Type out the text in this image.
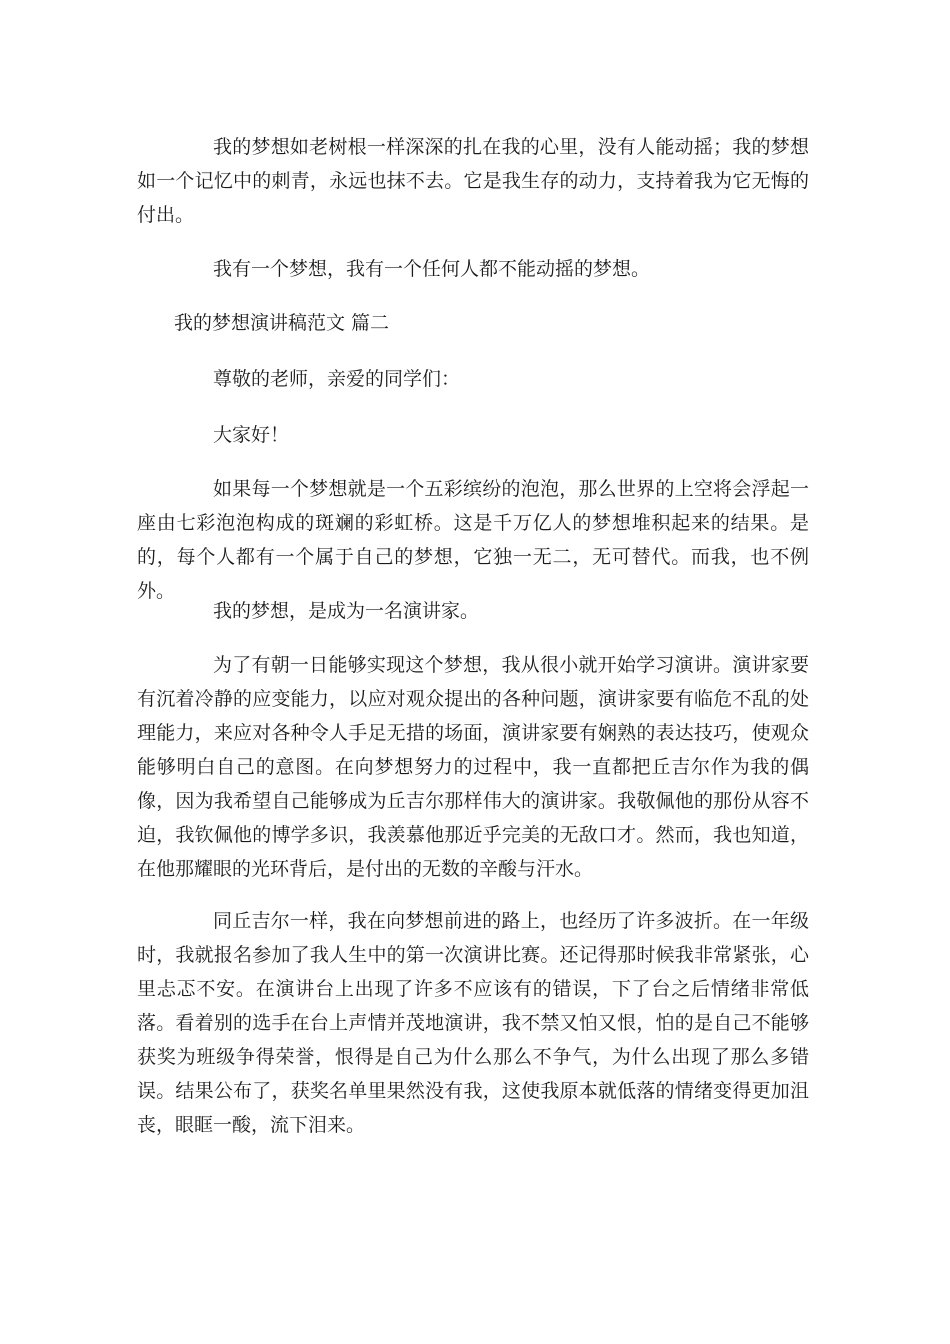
我的梦想如老树根一样深深的扎在我的心里，没有人能动摇；我的梦想如一个记忆中的刺青，永远也抹不去。它是我生存的动力，支持着我为它无悔的付出。

我有一个梦想，我有一个任何人都不能动摇的梦想。

我的梦想演讲稿范文 篇二

尊敬的老师，亲爱的同学们：

大家好！

如果每一个梦想就是一个五彩缤纷的泡泡，那么世界的上空将会浮起一座由七彩泡泡构成的斑斓的彩虹桥。这是千万亿人的梦想堆积起来的结果。是的，每个人都有一个属于自己的梦想，它独一无二，无可替代。而我，也不例外。

我的梦想，是成为一名演讲家。

为了有朝一日能够实现这个梦想，我从很小就开始学习演讲。演讲家要有沉着冷静的应变能力，以应对观众提出的各种问题，演讲家要有临危不乱的处理能力，来应对各种令人手足无措的场面，演讲家要有娴熟的表达技巧，使观众能够明白自己的意图。在向梦想努力的过程中，我一直都把丘吉尔作为我的偶像，因为我希望自己能够成为丘吉尔那样伟大的演讲家。我敬佩他的那份从容不迫，我钦佩他的博学多识，我羡慕他那近乎完美的无敌口才。然而，我也知道，在他那耀眼的光环背后，是付出的无数的辛酸与汗水。

同丘吉尔一样，我在向梦想前进的路上，也经历了许多波折。在一年级时，我就报名参加了我人生中的第一次演讲比赛。还记得那时候我非常紧张，心里忐忑不安。在演讲台上出现了许多不应该有的错误，下了台之后情绪非常低落。看着别的选手在台上声情并茂地演讲，我不禁又怕又恨，怕的是自己不能够获奖为班级争得荣誉，恨得是自己为什么那么不争气，为什么出现了那么多错误。结果公布了，获奖名单里果然没有我，这使我原本就低落的情绪变得更加沮丧，眼眶一酸，流下泪来。
